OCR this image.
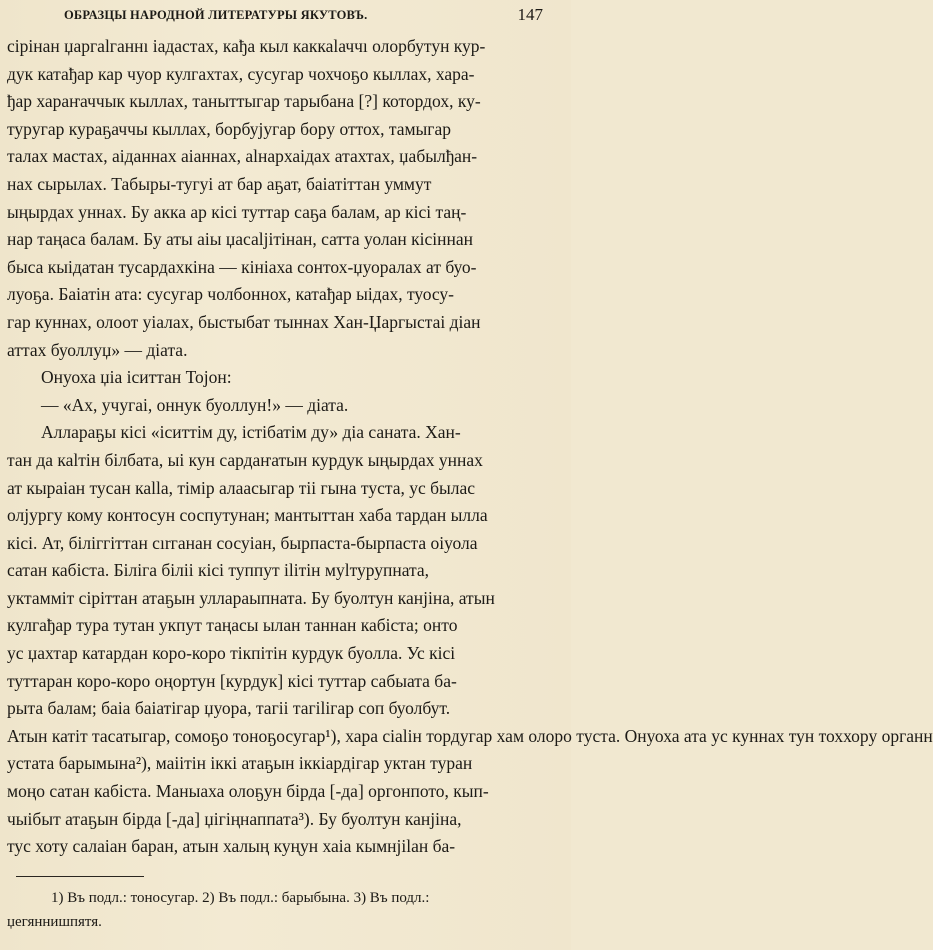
ОБРАЗЦЫ НАРОДНОЙ ЛИТЕРАТУРЫ ЯКУТОВЪ.	147
сірінан џаргаlганнı іадастах, кађа кыл каккаlаччı олорбутун кур-
дук катађар кар чуор кулгахтах, сусугар чохчоҕо кыллах, хара-
ђар хараҥаччык кыллах, таныттыгар тарыбана [?] котордох, ку-
турyгар кураҕаччы кыллах, борбујугар бору оттох, тамыгар
талах мастах, аіданнах аіаннах, аlнархаідах атахтах, џабылђан-
нах сырылах. Табыры-тугуі ат бар аҕат, баіатіттан уммут
ыңырдах уннах. Бу акка ар кісі туттар саҕа балам, ар кісі таң-
нар таңаса балам. Бу аты аіы џасаlјітінан, сатта уолан кісіннан
быса кыідатан тусардахкіна — кініаха сонтох-џуоралах ат буо-
луоҕа. Баіатін ата: сусугар чолбоннох, катађар ыідах, туосу-
гар куннах, олоот уіалах, быстыбат тыннах Хан-Џаргыстаі діан
аттах буоллуџ» — діата.
Онуоха џіа іситтан Тојон:
— «Ах, учугаі, оннук буоллун!» — діата.
Аллараҕы кісі «іситтім ду, істібатім ду» діа саната. Хан-
тан да каlтін білбата, ыі кун сардаҥатын курдук ыңырдах уннах
ат кыраіан тусан каlla, тімір алаасыгар тіі гына туста, ус былас
олјургу кому контосун соспутунан; мантыттан хаба тардан ылла
кісі. Ат, біліггіттан сırганан сосуіан, бырпаста-бырпаста оіуола
сатан кабіста. Біліга біліі кісі туппут ilітін муlтурупната,
уктамміт сіріттан атаҕын уллараыпната. Бу буолтун канјіна, атын
кулгађар тура тутан укпут таңасы ылан таннан кабіста; онто
ус џахтар катардан коро-коро тікпітін курдук буолла. Ус кісі
туттаран коро-коро оңортун [курдук] кісі туттар сабыата ба-
рыта балам; баіа баіатігар џуора, тагіі тагіlігар соп буолбут.
Атын катіт тасатыгар, сомоҕо тоноҕосугар¹), хара сіаlін тордугар хам олоро туста. Онуоха ата ус куннах тун тоххору органн
устата барымына²), маіітін іккі атаҕын іккіардігар уктан туран
моңо сатан кабіста. Маныаха олоҕун бірда [-да] оргонпото, кып-
чыібыт атаҕын бірда [-да] џігіңнаппата³). Бу буолтун канјіна,
тус хоту салаіан баран, атын халың куңун хаіа кымнјіlан ба-
1) Въ подл.: тоносугар. 2) Въ подл.: барыбына. 3) Въ подл.:
џегяннишпятя.
